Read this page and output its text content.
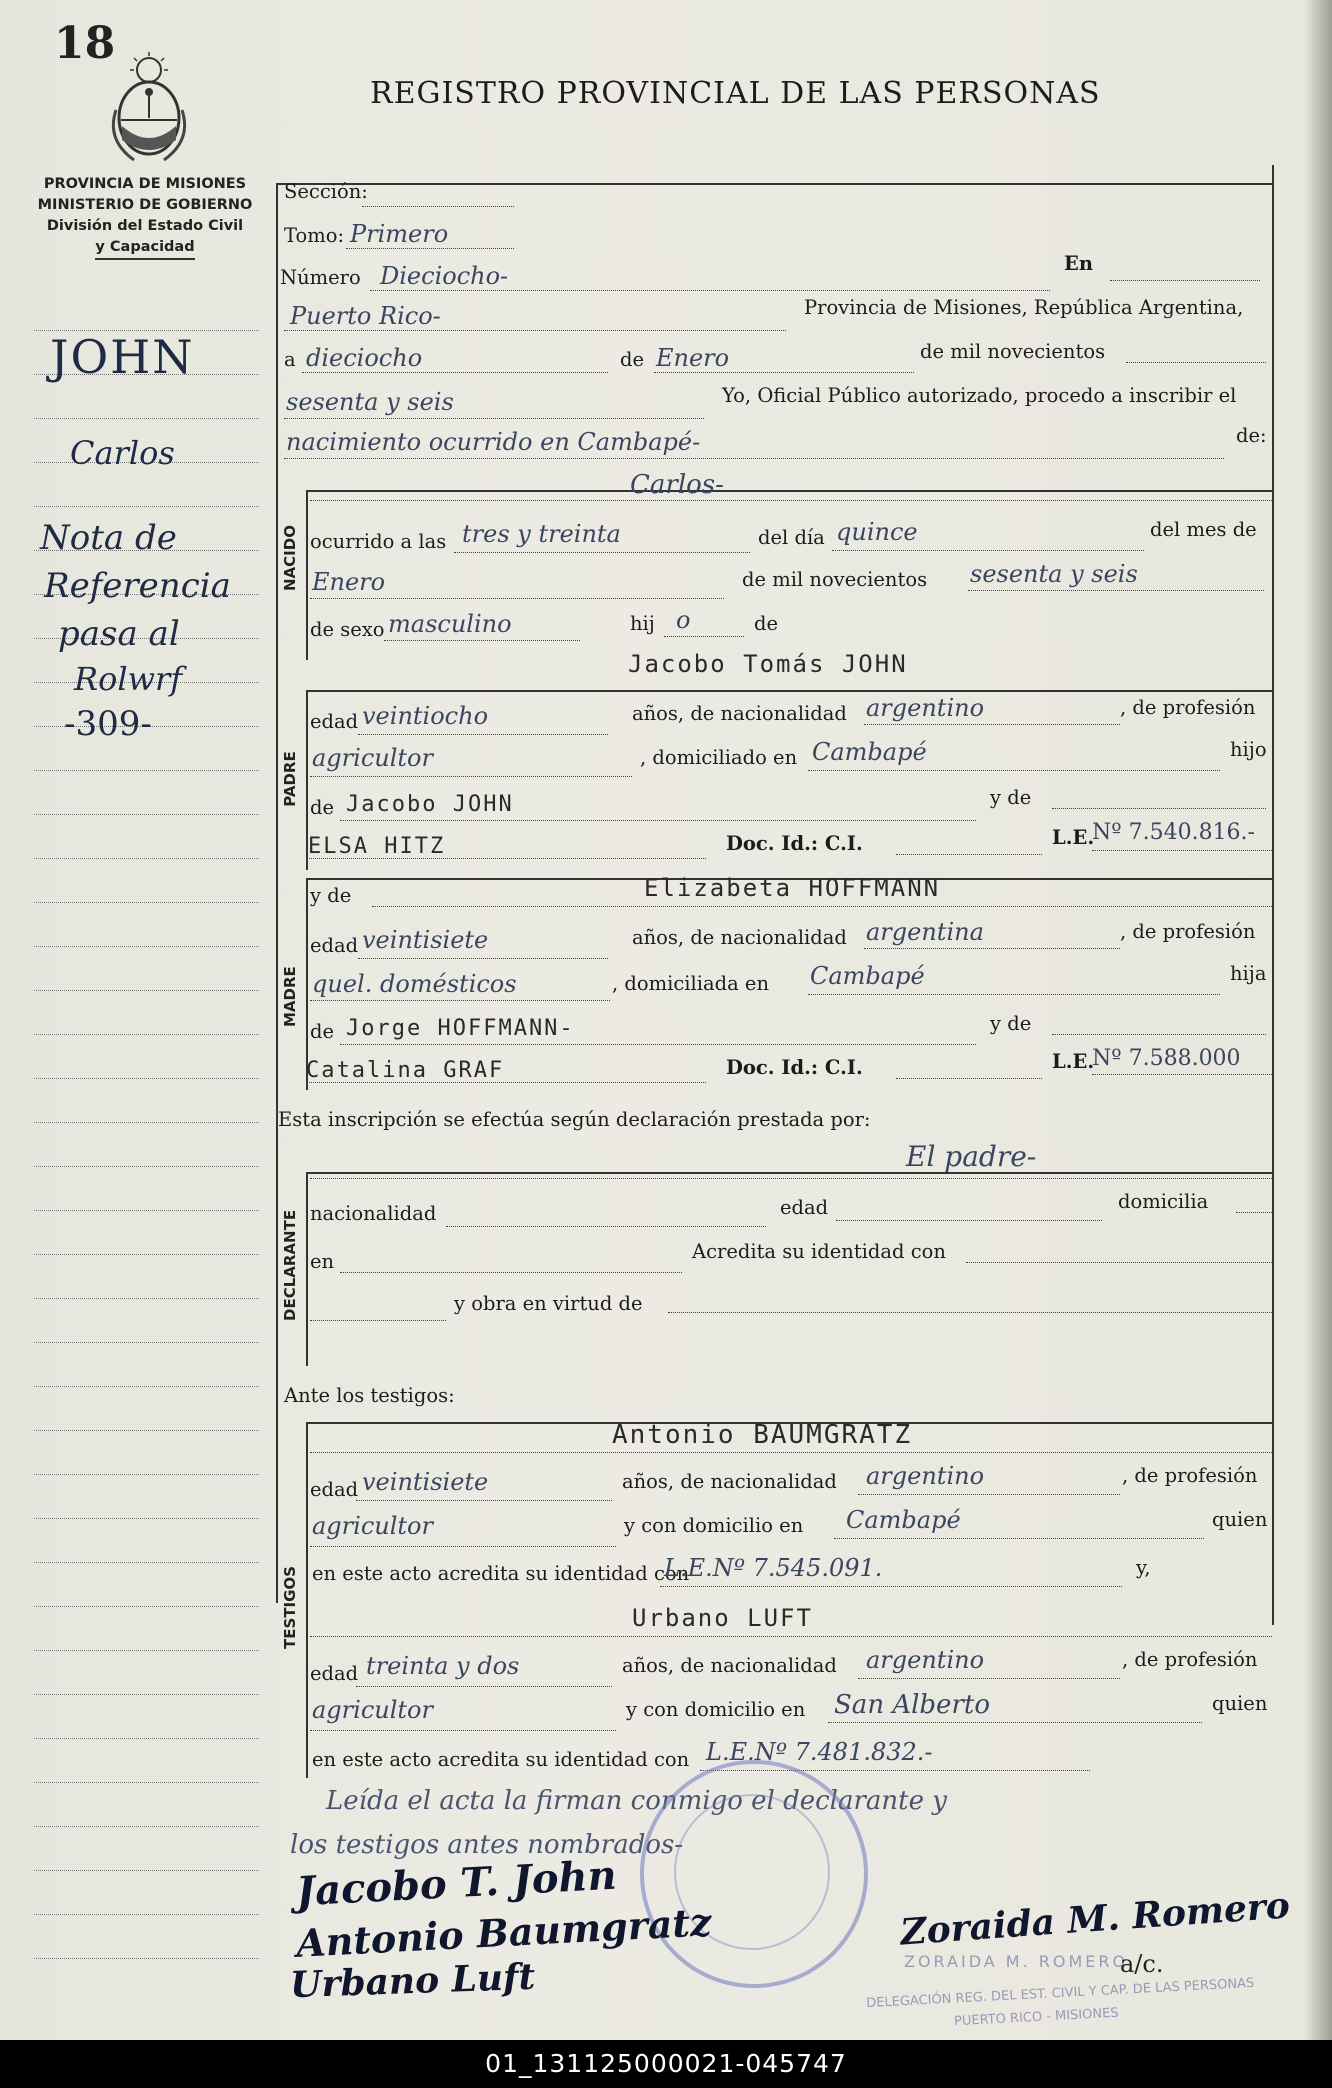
18
REGISTRO PROVINCIAL DE LAS PERSONAS
PROVINCIA DE MISIONES
MINISTERIO DE GOBIERNO
División del Estado Civil
y Capacidad
JOHN
Carlos
Nota de
Referencia
pasa al
Rolwrf
-309-
Sección:
Tomo: Primero
Número Dieciocho-	En
Puerto Rico-	Provincia de Misiones, República Argentina,
a dieciocho	de Enero	de mil novecientos
sesenta y seis	Yo, Oficial Público autorizado, procedo a inscribir el
nacimiento ocurrido en Cambapé-	de:
NACIDO
Carlos-
ocurrido a las tres y treinta	del día quince	del mes de
Enero	de mil novecientos sesenta y seis
de sexo masculino	hij o	de
PADRE
Jacobo Tomás JOHN
edad veintiocho	años, de nacionalidad argentino	, de profesión
agricultor	, domiciliado en Cambapé	hijo
de Jacobo JOHN	y de
ELSA HITZ	Doc. Id.: C.I.	L.E.
Nº 7.540.816.-
MADRE
y de	Elizabeta HOFFMANN
edad veintisiete	años, de nacionalidad argentina	, de profesión
quel. domésticos	, domiciliada en Cambapé	hija
de Jorge HOFFMANN-	y de
Catalina GRAF	Doc. Id.: C.I.	L.E.
Nº 7.588.000
Esta inscripción se efectúa según declaración prestada por:
DECLARANTE
El padre-
nacionalidad	edad	domicilia
en	Acredita su identidad con
y obra en virtud de
Ante los testigos:
TESTIGOS
Antonio BAUMGRATZ
edad veintisiete	años, de nacionalidad argentino	, de profesión
agricultor	y con domicilio en Cambapé	quien
en este acto acredita su identidad con
L.E.Nº 7.545.091.	y,
Urbano LUFT
edad treinta y dos	años, de nacionalidad argentino	, de profesión
agricultor	y con domicilio en San Alberto	quien
en este acto acredita su identidad con L.E.Nº 7.481.832.-
Leída el acta la firman conmigo el declarante y
los testigos antes nombrados-
Jacobo T. John
Antonio Baumgratz
Urbano Luft
Zoraida M. Romero
ZORAIDA M. ROMERO
a/c.
DELEGACIÓN REG. DEL EST. CIVIL Y CAP. DE LAS PERSONAS
PUERTO RICO - MISIONES
01_131125000021-045747
